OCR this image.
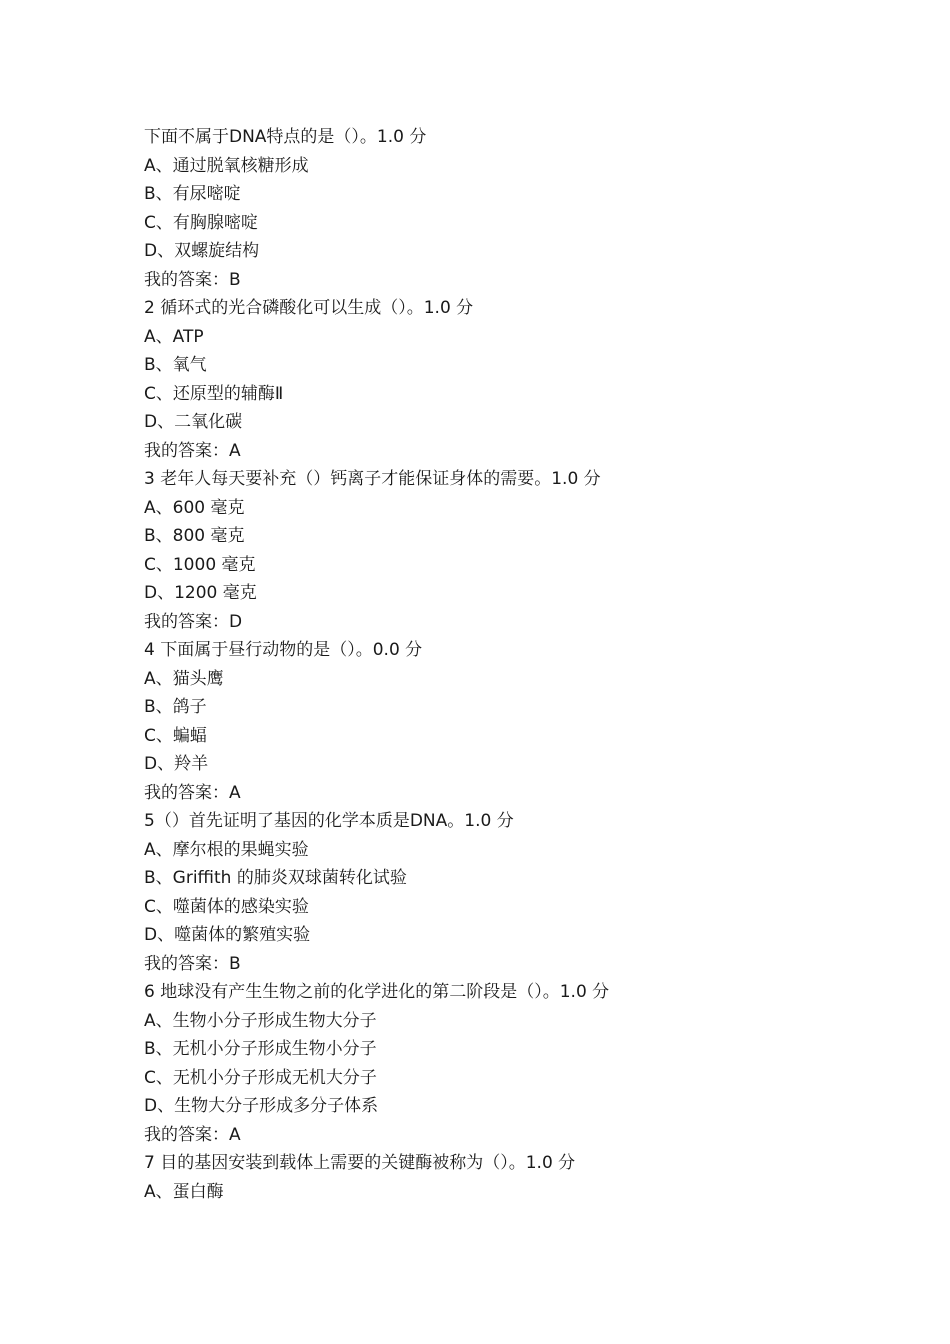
下面不属于DNA特点的是（）。1.0 分
A、通过脱氧核糖形成
B、有尿嘧啶
C、有胸腺嘧啶
D、双螺旋结构
我的答案：B
2 循环式的光合磷酸化可以生成（）。1.0 分
A、ATP
B、氧气
C、还原型的辅酶Ⅱ
D、二氧化碳
我的答案：A
3 老年人每天要补充（）钙离子才能保证身体的需要。1.0 分
A、600 毫克
B、800 毫克
C、1000 毫克
D、1200 毫克
我的答案：D
4 下面属于昼行动物的是（）。0.0 分
A、猫头鹰
B、鸽子
C、蝙蝠
D、羚羊
我的答案：A
5（）首先证明了基因的化学本质是DNA。1.0 分
A、摩尔根的果蝇实验
B、Griffith 的肺炎双球菌转化试验
C、噬菌体的感染实验
D、噬菌体的繁殖实验
我的答案：B
6 地球没有产生生物之前的化学进化的第二阶段是（）。1.0 分
A、生物小分子形成生物大分子
B、无机小分子形成生物小分子
C、无机小分子形成无机大分子
D、生物大分子形成多分子体系
我的答案：A
7 目的基因安装到载体上需要的关键酶被称为（）。1.0 分
A、蛋白酶
